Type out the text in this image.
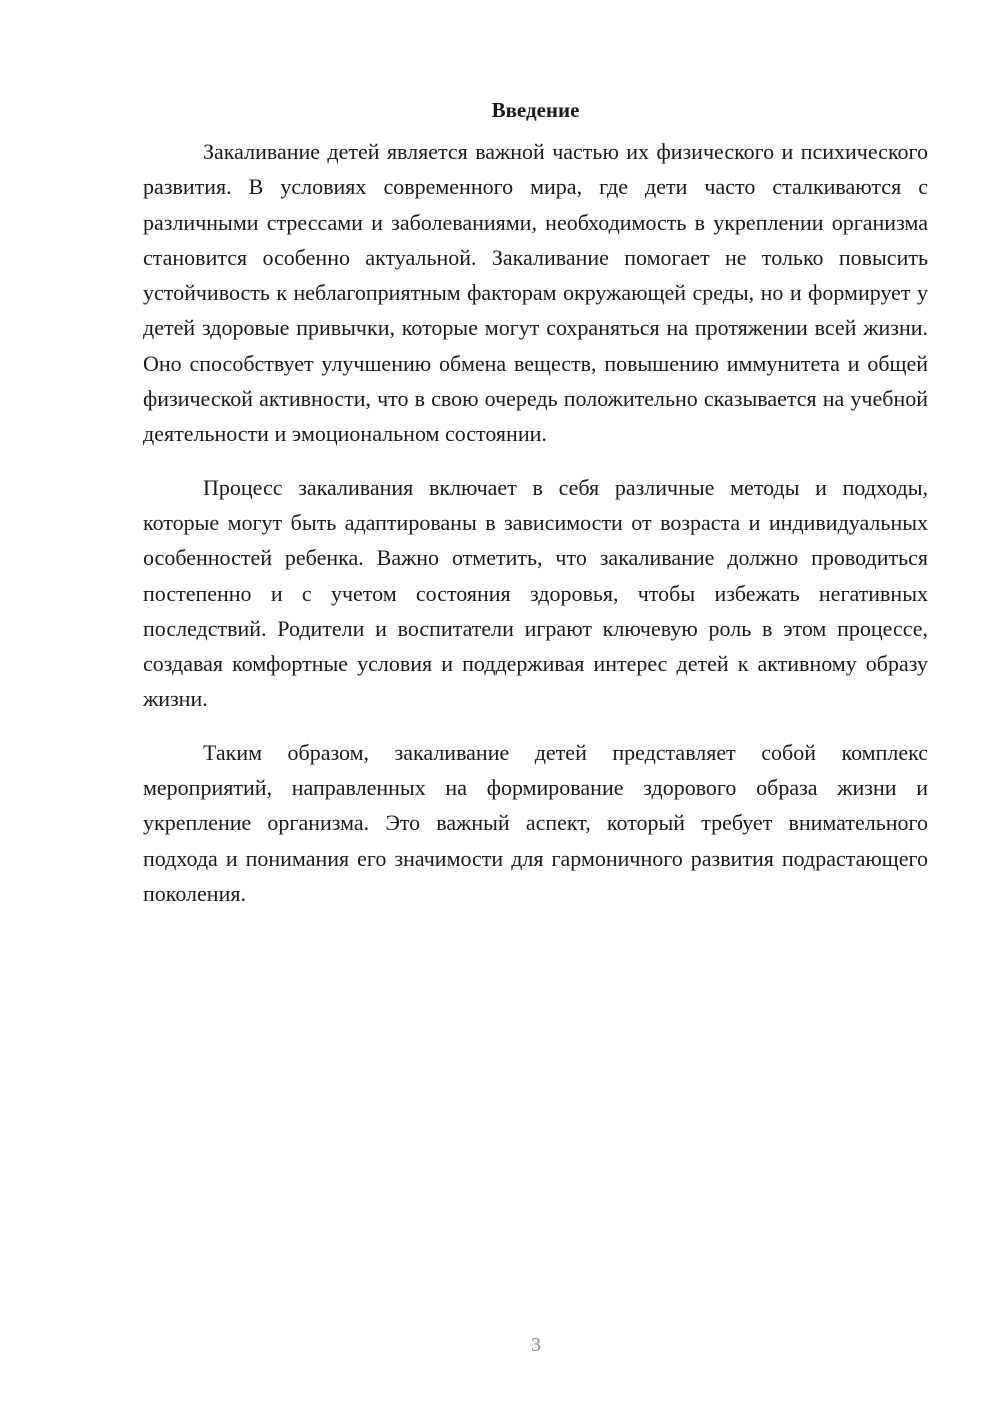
Введение

Закаливание детей является важной частью их физического и психического развития. В условиях современного мира, где дети часто сталкиваются с различными стрессами и заболеваниями, необходимость в укреплении организма становится особенно актуальной. Закаливание помогает не только повысить устойчивость к неблагоприятным факторам окружающей среды, но и формирует у детей здоровые привычки, которые могут сохраняться на протяжении всей жизни. Оно способствует улучшению обмена веществ, повышению иммунитета и общей физической активности, что в свою очередь положительно сказывается на учебной деятельности и эмоциональном состоянии.

Процесс закаливания включает в себя различные методы и подходы, которые могут быть адаптированы в зависимости от возраста и индивидуальных особенностей ребенка. Важно отметить, что закаливание должно проводиться постепенно и с учетом состояния здоровья, чтобы избежать негативных последствий. Родители и воспитатели играют ключевую роль в этом процессе, создавая комфортные условия и поддерживая интерес детей к активному образу жизни.

Таким образом, закаливание детей представляет собой комплекс мероприятий, направленных на формирование здорового образа жизни и укрепление организма. Это важный аспект, который требует внимательного подхода и понимания его значимости для гармоничного развития подрастающего поколения.

3
